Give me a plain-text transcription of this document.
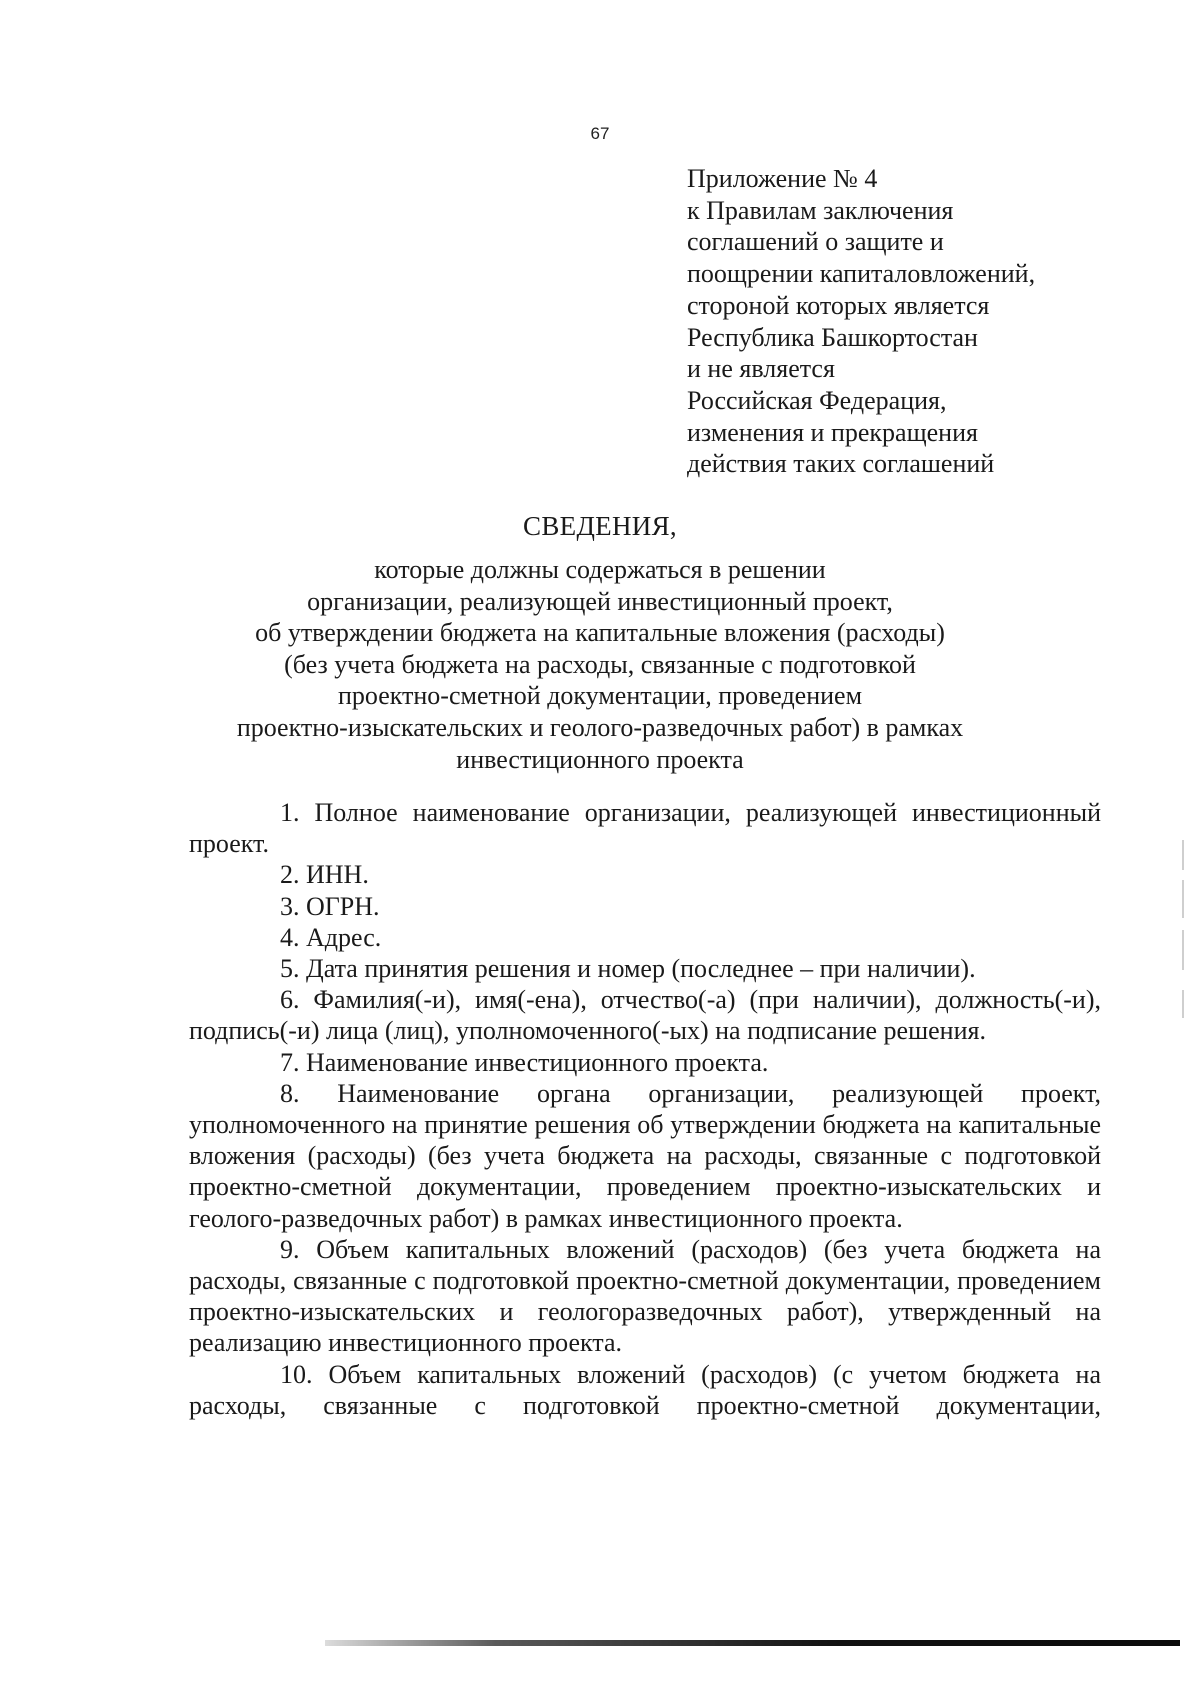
67
Приложение № 4
к Правилам заключения
соглашений о защите и
поощрении капиталовложений,
стороной которых является
Республика Башкортостан
и не является
Российская Федерация,
изменения и прекращения
действия таких соглашений
СВЕДЕНИЯ,
которые должны содержаться в решении
организации, реализующей инвестиционный проект,
об утверждении бюджета на капитальные вложения (расходы)
(без учета бюджета на расходы, связанные с подготовкой
проектно-сметной документации, проведением
проектно-изыскательских и геолого-разведочных работ) в рамках
инвестиционного проекта
1. Полное наименование организации, реализующей инвестиционный проект.
2. ИНН.
3. ОГРН.
4. Адрес.
5. Дата принятия решения и номер (последнее – при наличии).
6. Фамилия(-и), имя(-ена), отчество(-а) (при наличии), должность(-и), подпись(-и) лица (лиц), уполномоченного(-ых) на подписание решения.
7. Наименование инвестиционного проекта.
8. Наименование органа организации, реализующей проект, уполномоченного на принятие решения об утверждении бюджета на капитальные вложения (расходы) (без учета бюджета на расходы, связанные с подготовкой проектно-сметной документации, проведением проектно-изыскательских и геолого-разведочных работ) в рамках инвестиционного проекта.
9. Объем капитальных вложений (расходов) (без учета бюджета на расходы, связанные с подготовкой проектно-сметной документации, проведением проектно-изыскательских и геологоразведочных работ), утвержденный на реализацию инвестиционного проекта.
10. Объем капитальных вложений (расходов) (с учетом бюджета на расходы, связанные с подготовкой проектно-сметной документации,
